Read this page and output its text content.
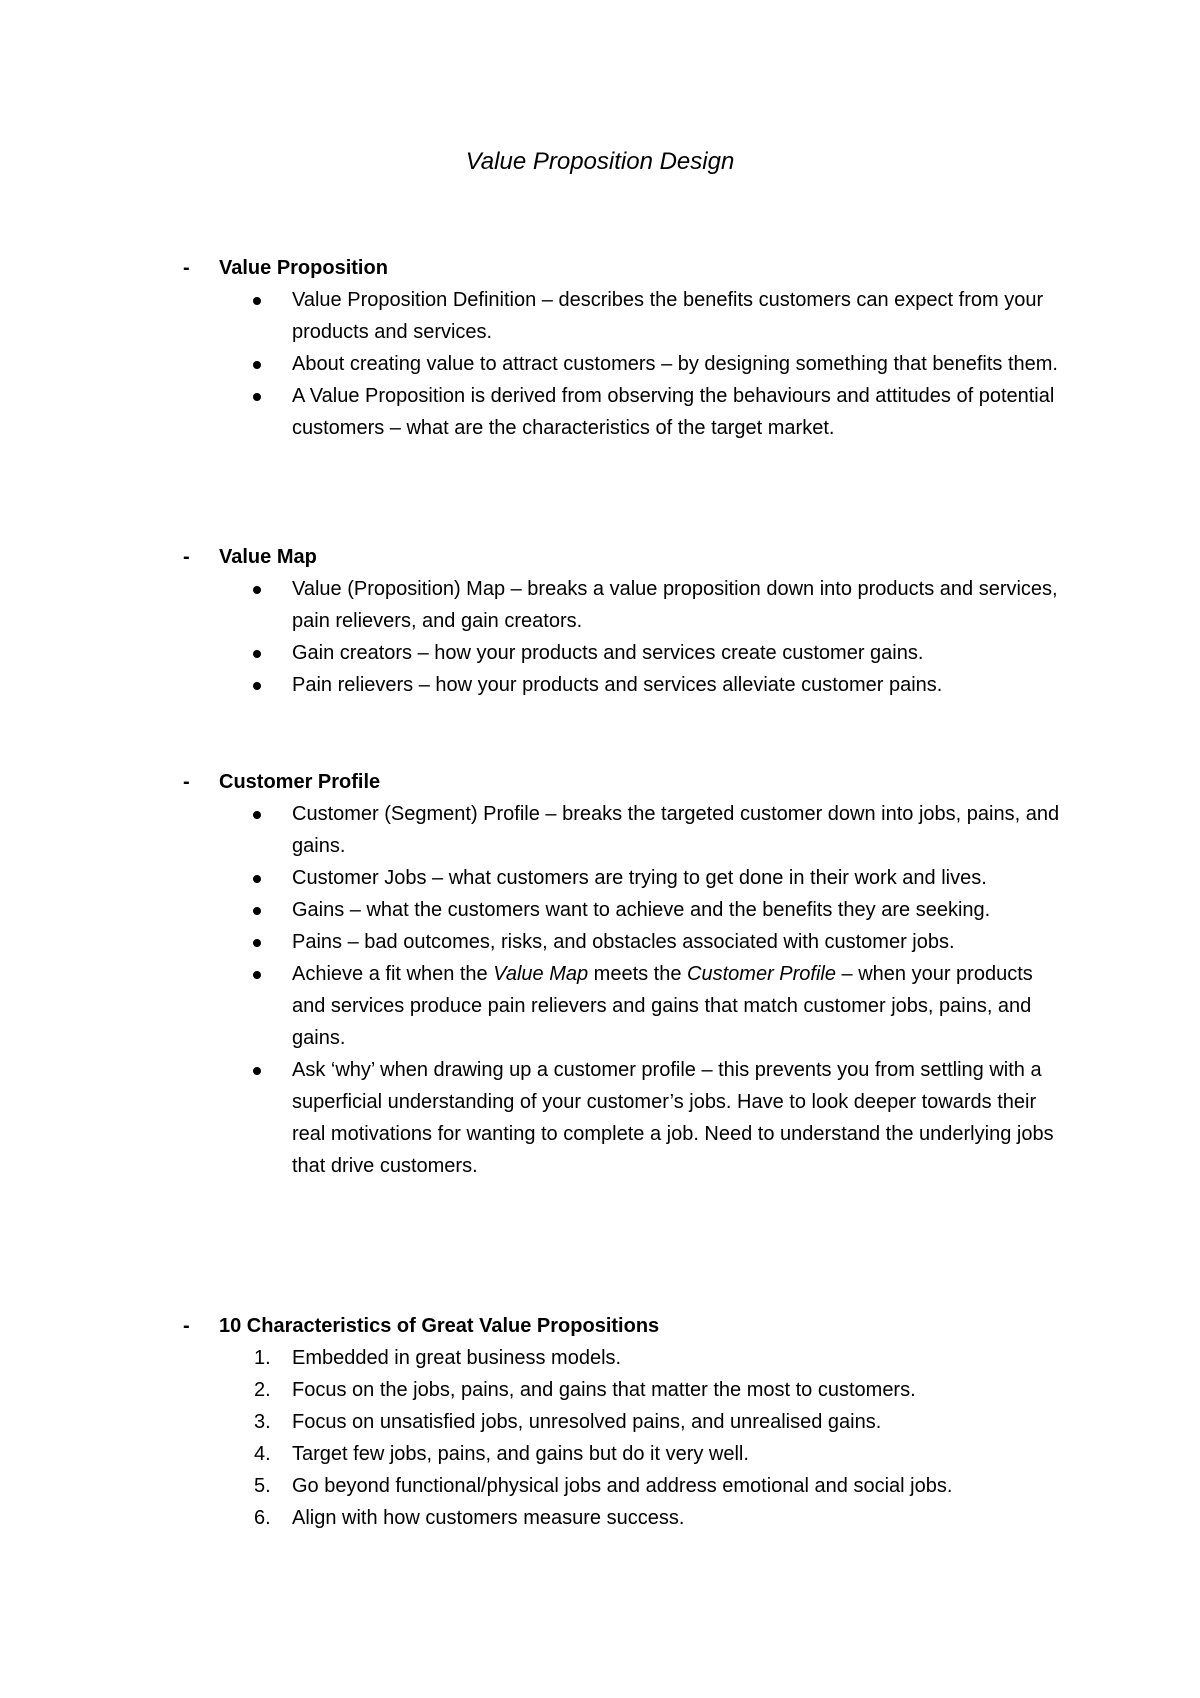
Value Proposition Design
- Value Proposition
Value Proposition Definition – describes the benefits customers can expect from your products and services.
About creating value to attract customers – by designing something that benefits them.
A Value Proposition is derived from observing the behaviours and attitudes of potential customers – what are the characteristics of the target market.
- Value Map
Value (Proposition) Map – breaks a value proposition down into products and services, pain relievers, and gain creators.
Gain creators – how your products and services create customer gains.
Pain relievers – how your products and services alleviate customer pains.
- Customer Profile
Customer (Segment) Profile – breaks the targeted customer down into jobs, pains, and gains.
Customer Jobs – what customers are trying to get done in their work and lives.
Gains – what the customers want to achieve and the benefits they are seeking.
Pains – bad outcomes, risks, and obstacles associated with customer jobs.
Achieve a fit when the Value Map meets the Customer Profile – when your products and services produce pain relievers and gains that match customer jobs, pains, and gains.
Ask ‘why’ when drawing up a customer profile – this prevents you from settling with a superficial understanding of your customer’s jobs. Have to look deeper towards their real motivations for wanting to complete a job. Need to understand the underlying jobs that drive customers.
- 10 Characteristics of Great Value Propositions
1. Embedded in great business models.
2. Focus on the jobs, pains, and gains that matter the most to customers.
3. Focus on unsatisfied jobs, unresolved pains, and unrealised gains.
4. Target few jobs, pains, and gains but do it very well.
5. Go beyond functional/physical jobs and address emotional and social jobs.
6. Align with how customers measure success.
